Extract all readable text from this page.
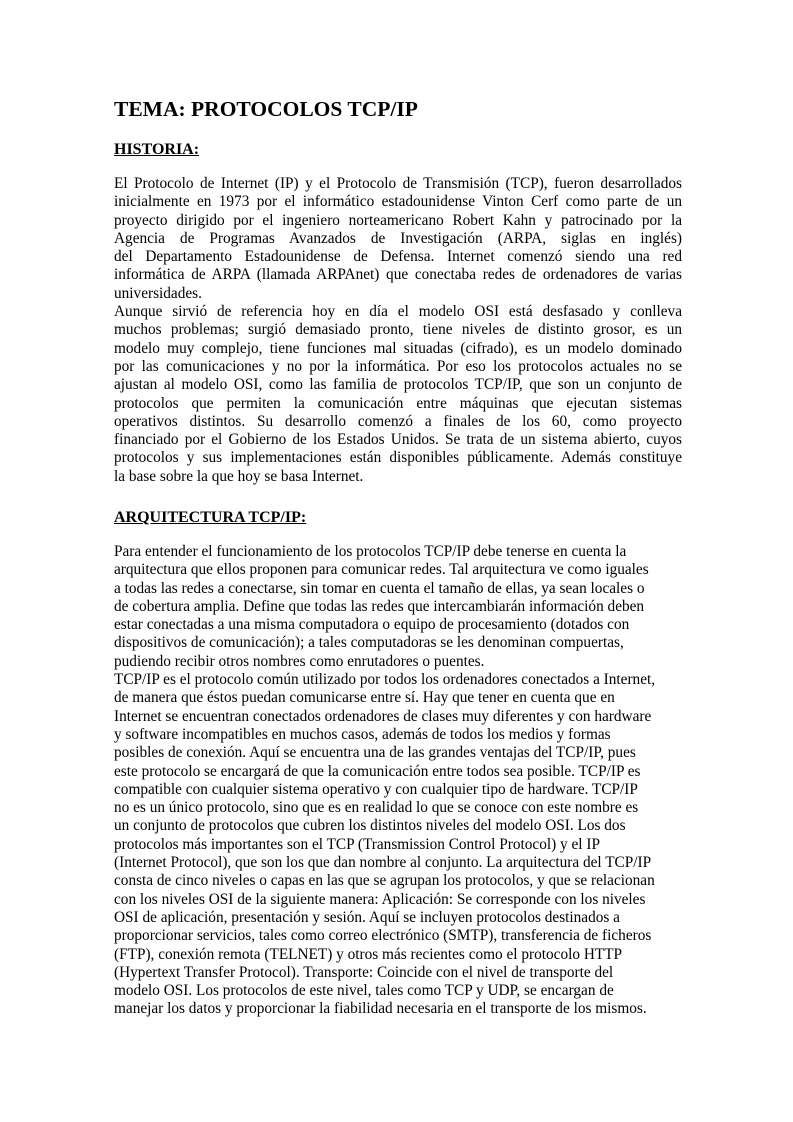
TEMA: PROTOCOLOS TCP/IP
HISTORIA:
El Protocolo de Internet (IP) y el Protocolo de Transmisión (TCP), fueron desarrollados
inicialmente en 1973 por el informático estadounidense Vinton Cerf como parte de un
proyecto dirigido por el ingeniero norteamericano Robert Kahn y patrocinado por la
Agencia de Programas Avanzados de Investigación (ARPA, siglas en inglés)
del Departamento Estadounidense de Defensa. Internet comenzó siendo una red
informática de ARPA (llamada ARPAnet) que conectaba redes de ordenadores de varias
universidades.
Aunque sirvió de referencia hoy en día el modelo OSI está desfasado y conlleva
muchos problemas; surgió demasiado pronto, tiene niveles de distinto grosor, es un
modelo muy complejo, tiene funciones mal situadas (cifrado), es un modelo dominado
por las comunicaciones y no por la informática. Por eso los protocolos actuales no se
ajustan al modelo OSI, como las familia de protocolos TCP/IP, que son un conjunto de
protocolos que permiten la comunicación entre máquinas que ejecutan sistemas
operativos distintos. Su desarrollo comenzó a finales de los 60, como proyecto
financiado por el Gobierno de los Estados Unidos. Se trata de un sistema abierto, cuyos
protocolos y sus implementaciones están disponibles públicamente. Además constituye
la base sobre la que hoy se basa Internet.
ARQUITECTURA TCP/IP:
Para entender el funcionamiento de los protocolos TCP/IP debe tenerse en cuenta la
arquitectura que ellos proponen para comunicar redes. Tal arquitectura ve como iguales
a todas las redes a conectarse, sin tomar en cuenta el tamaño de ellas, ya sean locales o
de cobertura amplia. Define que todas las redes que intercambiarán información deben
estar conectadas a una misma computadora o equipo de procesamiento (dotados con
dispositivos de comunicación); a tales computadoras se les denominan compuertas,
pudiendo recibir otros nombres como enrutadores o puentes.
TCP/IP es el protocolo común utilizado por todos los ordenadores conectados a Internet,
de manera que éstos puedan comunicarse entre sí. Hay que tener en cuenta que en
Internet se encuentran conectados ordenadores de clases muy diferentes y con hardware
y software incompatibles en muchos casos, además de todos los medios y formas
posibles de conexión. Aquí se encuentra una de las grandes ventajas del TCP/IP, pues
este protocolo se encargará de que la comunicación entre todos sea posible. TCP/IP es
compatible con cualquier sistema operativo y con cualquier tipo de hardware. TCP/IP
no es un único protocolo, sino que es en realidad lo que se conoce con este nombre es
un conjunto de protocolos que cubren los distintos niveles del modelo OSI. Los dos
protocolos más importantes son el TCP (Transmission Control Protocol) y el IP
(Internet Protocol), que son los que dan nombre al conjunto. La arquitectura del TCP/IP
consta de cinco niveles o capas en las que se agrupan los protocolos, y que se relacionan
con los niveles OSI de la siguiente manera: Aplicación: Se corresponde con los niveles
OSI de aplicación, presentación y sesión. Aquí se incluyen protocolos destinados a
proporcionar servicios, tales como correo electrónico (SMTP), transferencia de ficheros
(FTP), conexión remota (TELNET) y otros más recientes como el protocolo HTTP
(Hypertext Transfer Protocol). Transporte: Coincide con el nivel de transporte del
modelo OSI. Los protocolos de este nivel, tales como TCP y UDP, se encargan de
manejar los datos y proporcionar la fiabilidad necesaria en el transporte de los mismos.
